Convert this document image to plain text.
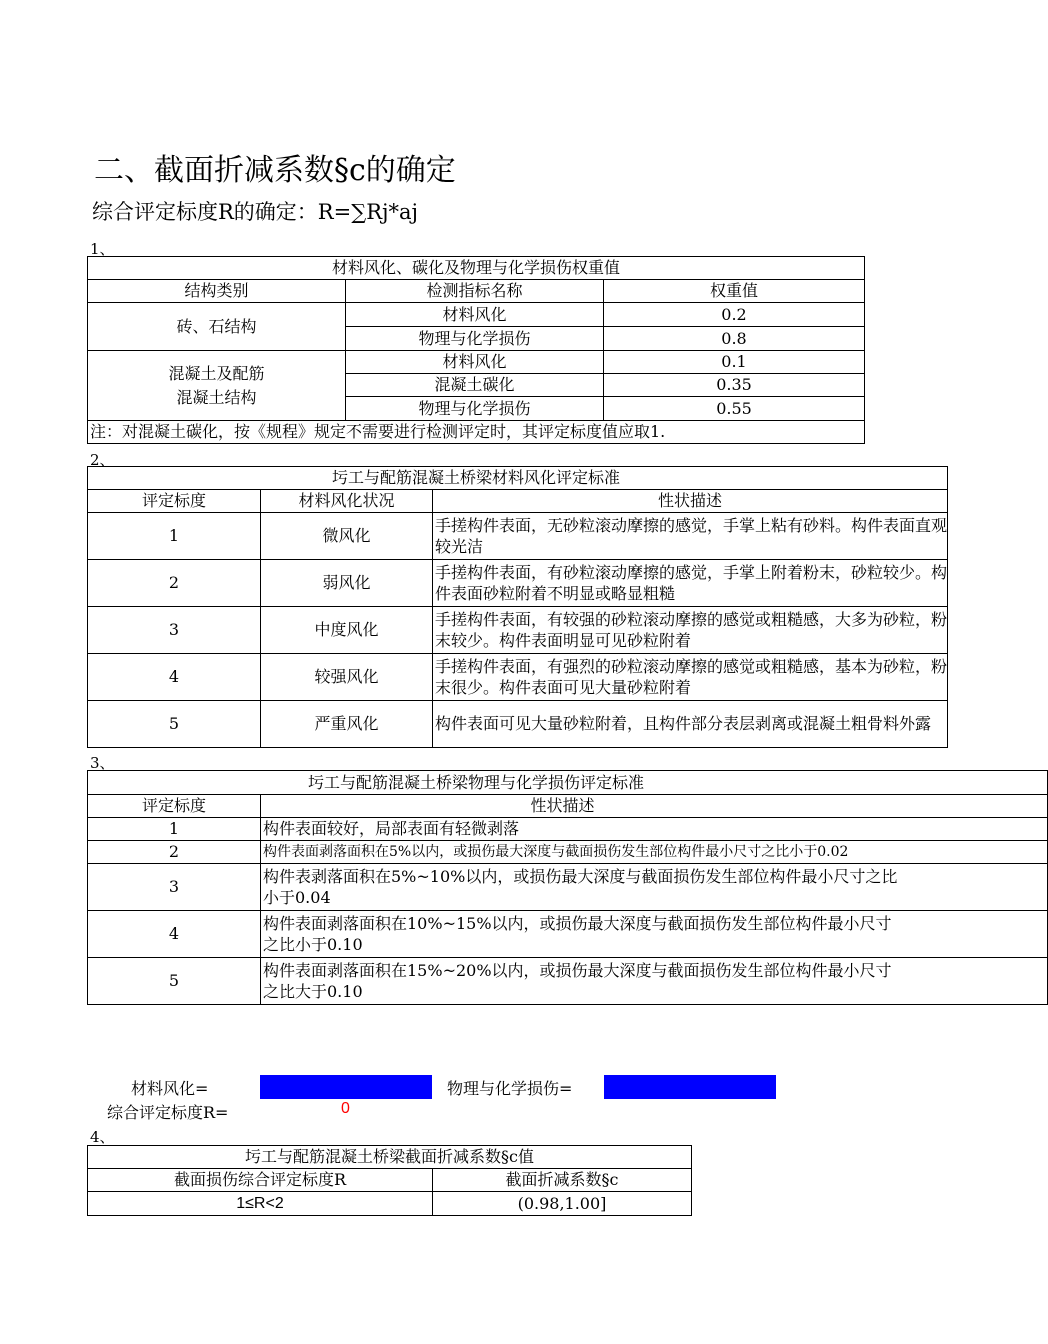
二、截面折减系数§c的确定
综合评定标度R的确定：R=∑Rj*aj
1、
材料风化、碳化及物理与化学损伤权重值		
结构类别	检测指标名称	权重值
砖、石结构	材料风化	0.2
	物理与化学损伤	0.8

混凝土及配筋
混凝土结构	材料风化	0.1
	混凝土碳化	0.35
	物理与化学损伤	0.55
注：对混凝土碳化，按《规程》规定不需要进行检测评定时，其评定标度值应取1.		
2、
圬工与配筋混凝土桥梁材料风化评定标准		

评定标度	材料风化状况	性状描述
1	微风化	手搓构件表面，无砂粒滚动摩擦的感觉，手掌上粘有砂料。构件表面直观较光洁
2	弱风化	手搓构件表面，有砂粒滚动摩擦的感觉，手掌上附着粉末，砂粒较少。构件表面砂粒附着不明显或略显粗糙
3	中度风化	手搓构件表面，有较强的砂粒滚动摩擦的感觉或粗糙感，大多为砂粒，粉末较少。构件表面明显可见砂粒附着
4	较强风化	手搓构件表面，有强烈的砂粒滚动摩擦的感觉或粗糙感，基本为砂粒，粉末很少。构件表面可见大量砂粒附着
5	严重风化	构件表面可见大量砂粒附着，且构件部分表层剥离或混凝土粗骨料外露
3、
圬工与配筋混凝土桥梁物理与化学损伤评定标准	

评定标度	性状描述

1	构件表面较好，局部表面有轻微剥落
2	构件表面剥落面积在5%以内，或损伤最大深度与截面损伤发生部位构件最小尺寸之比小于0.02
3	构件表剥落面积在5%~10%以内，或损伤最大深度与截面损伤发生部位构件最小尺寸之比小于0.04

4	构件表面剥落面积在10%~15%以内，或损伤最大深度与截面损伤发生部位构件最小尺寸之比小于0.10

5	构件表面剥落面积在15%~20%以内，或损伤最大深度与截面损伤发生部位构件最小尺寸之比大于0.10
材料风化=	物理与化学损伤=
综合评定标度R=	0
4、
圬工与配筋混凝土桥梁截面折减系数§c值	
截面损伤综合评定标度R	截面折减系数§c
1≤R<2	(0.98,1.00]
